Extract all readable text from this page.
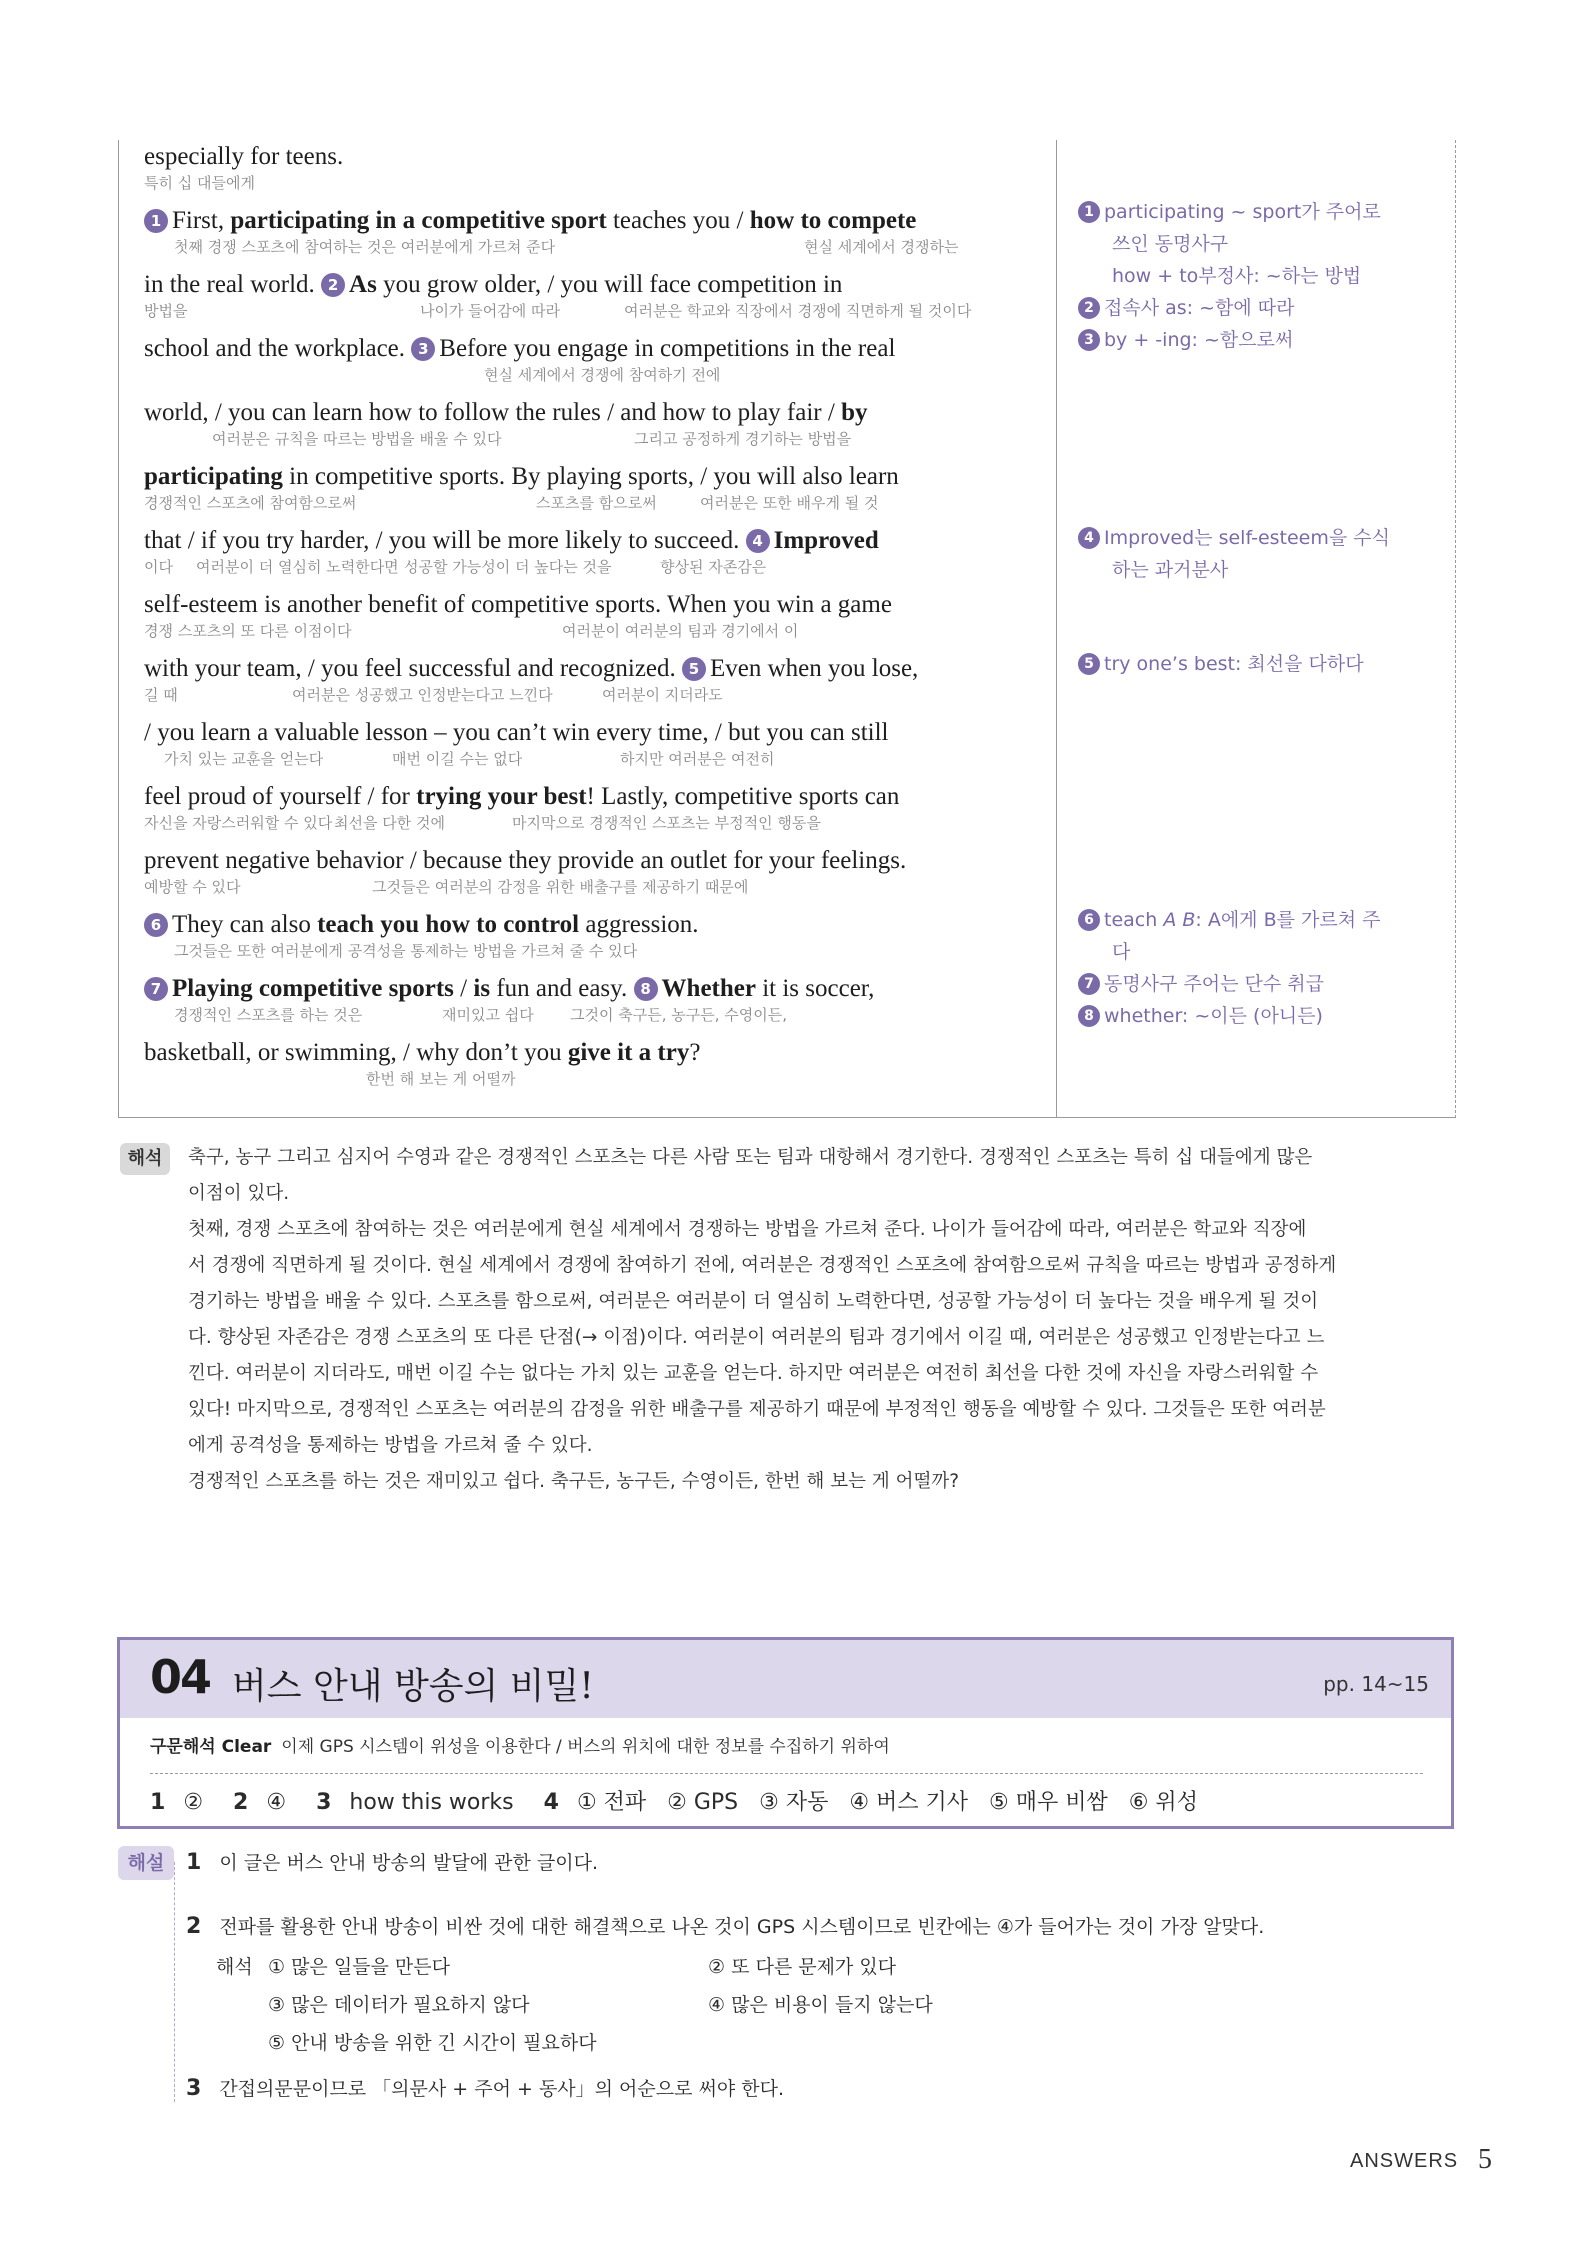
especially for teens.
특히 십 대들에게
1 First, participating in a competitive sport teaches you / how to compete
첫째 경쟁 스포츠에 참여하는 것은 여러분에게 가르쳐 준다	현실 세계에서 경쟁하는
in the real world. 2 As you grow older, / you will face competition in
방법을	나이가 들어감에 따라	여러분은 학교와 직장에서 경쟁에 직면하게 될 것이다
school and the workplace. 3 Before you engage in competitions in the real
현실 세계에서 경쟁에 참여하기 전에
world, / you can learn how to follow the rules / and how to play fair / by
여러분은 규칙을 따르는 방법을 배울 수 있다	그리고 공정하게 경기하는 방법을
participating in competitive sports. By playing sports, / you will also learn
경쟁적인 스포츠에 참여함으로써	스포츠를 함으로써	여러분은 또한 배우게 될 것
that / if you try harder, / you will be more likely to succeed. 4 Improved
이다 여러분이 더 열심히 노력한다면 성공할 가능성이 더 높다는 것을	향상된 자존감은
self-esteem is another benefit of competitive sports. When you win a game
경쟁 스포츠의 또 다른 이점이다	여러분이 여러분의 팀과 경기에서 이
with your team, / you feel successful and recognized. 5 Even when you lose,
길 때	여러분은 성공했고 인정받는다고 느낀다	여러분이 지더라도
/ you learn a valuable lesson – you can’t win every time, / but you can still
가치 있는 교훈을 얻는다	매번 이길 수는 없다	하지만 여러분은 여전히
feel proud of yourself / for trying your best! Lastly, competitive sports can
자신을 자랑스러워할 수 있다 최선을 다한 것에	마지막으로 경쟁적인 스포츠는 부정적인 행동을
prevent negative behavior / because they provide an outlet for your feelings.
예방할 수 있다	그것들은 여러분의 감정을 위한 배출구를 제공하기 때문에
6 They can also teach you how to control aggression.
그것들은 또한 여러분에게 공격성을 통제하는 방법을 가르쳐 줄 수 있다
7 Playing competitive sports / is fun and easy. 8 Whether it is soccer,
경쟁적인 스포츠를 하는 것은	재미있고 쉽다 그것이 축구든, 농구든, 수영이든,
basketball, or swimming, / why don’t you give it a try?
한번 해 보는 게 어떨까
1 participating ~ sport가 주어로
쓰인 동명사구
how + to부정사: ~하는 방법
2 접속사 as: ~함에 따라
3 by + -ing: ~함으로써
4 Improved는 self-esteem을 수식
하는 과거분사
5 try one’s best: 최선을 다하다
6 teach A B: A에게 B를 가르쳐 주
다
7 동명사구 주어는 단수 취급
8 whether: ~이든 (아니든)
해석	축구, 농구 그리고 심지어 수영과 같은 경쟁적인 스포츠는 다른 사람 또는 팀과 대항해서 경기한다. 경쟁적인 스포츠는 특히 십 대들에게 많은

이점이 있다.

첫째, 경쟁 스포츠에 참여하는 것은 여러분에게 현실 세계에서 경쟁하는 방법을 가르쳐 준다. 나이가 들어감에 따라, 여러분은 학교와 직장에

서 경쟁에 직면하게 될 것이다. 현실 세계에서 경쟁에 참여하기 전에, 여러분은 경쟁적인 스포츠에 참여함으로써 규칙을 따르는 방법과 공정하게

경기하는 방법을 배울 수 있다. 스포츠를 함으로써, 여러분은 여러분이 더 열심히 노력한다면, 성공할 가능성이 더 높다는 것을 배우게 될 것이

다. 향상된 자존감은 경쟁 스포츠의 또 다른 단점(→ 이점)이다. 여러분이 여러분의 팀과 경기에서 이길 때, 여러분은 성공했고 인정받는다고 느

낀다. 여러분이 지더라도, 매번 이길 수는 없다는 가치 있는 교훈을 얻는다. 하지만 여러분은 여전히 최선을 다한 것에 자신을 자랑스러워할 수

있다! 마지막으로, 경쟁적인 스포츠는 여러분의 감정을 위한 배출구를 제공하기 때문에 부정적인 행동을 예방할 수 있다. 그것들은 또한 여러분

에게 공격성을 통제하는 방법을 가르쳐 줄 수 있다.

경쟁적인 스포츠를 하는 것은 재미있고 쉽다. 축구든, 농구든, 수영이든, 한번 해 보는 게 어떨까?

04 버스 안내 방송의 비밀!	pp. 14~15
구문해석 Clear 이제 GPS 시스템이 위성을 이용한다 / 버스의 위치에 대한 정보를 수집하기 위하여
1 ② 2 ④ 3 how this works 4 ① 전파   ② GPS   ③ 자동   ④ 버스 기사   ⑤ 매우 비쌈   ⑥ 위성
해설 1 이 글은 버스 안내 방송의 발달에 관한 글이다.
2 전파를 활용한 안내 방송이 비싼 것에 대한 해결책으로 나온 것이 GPS 시스템이므로 빈칸에는 ④가 들어가는 것이 가장 알맞다.
해석 ① 많은 일들을 만든다	② 또 다른 문제가 있다
③ 많은 데이터가 필요하지 않다	④ 많은 비용이 들지 않는다
⑤ 안내 방송을 위한 긴 시간이 필요하다
3 간접의문문이므로 「의문사 + 주어 + 동사」의 어순으로 써야 한다.
ANSWERS 5
